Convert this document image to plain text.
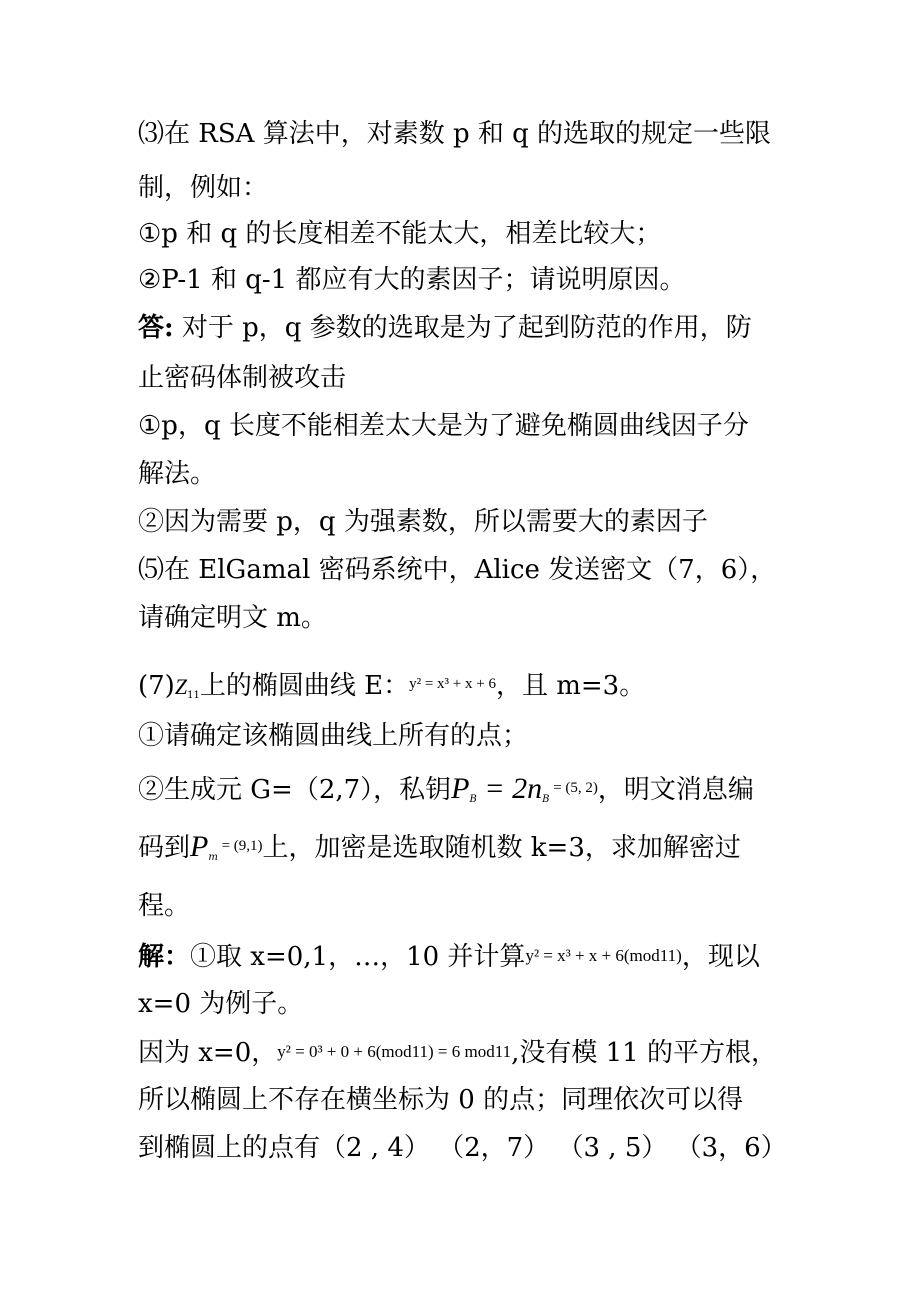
⑶在 RSA 算法中，对素数 p 和 q 的选取的规定一些限
制，例如：
①p 和 q 的长度相差不能太大，相差比较大；
②P-1 和 q-1 都应有大的素因子；请说明原因。
答: 对于 p，q 参数的选取是为了起到防范的作用，防
止密码体制被攻击
①p，q 长度不能相差太大是为了避免椭圆曲线因子分
解法。
②因为需要 p，q 为强素数，所以需要大的素因子
⑸在 ElGamal 密码系统中，Alice 发送密文（7，6），
请确定明文 m。
$(7)Z_{11}$上的椭圆曲线 E：$^{y^2 = x^3 + x + 6}$，且 m=3。
①请确定该椭圆曲线上所有的点；
②生成元 G=（2,7），私钥$P_B = 2n_B$ $^{= (5, 2)}$，明文消息编
码到$P_m$ $^{= (9,1)}$上，加密是选取随机数 k=3，求加解密过
程。
解：①取 x=0,1，…，10 并计算y² = x³ + x + 6(mod11)，现以
x=0 为例子。
因为 x=0，y² = 0³ + 0 + 6(mod11) = 6 mod11,没有模 11 的平方根，
所以椭圆上不存在横坐标为 0 的点；同理依次可以得
到椭圆上的点有（2 , 4） （2，7） （3 , 5） （3，6）
